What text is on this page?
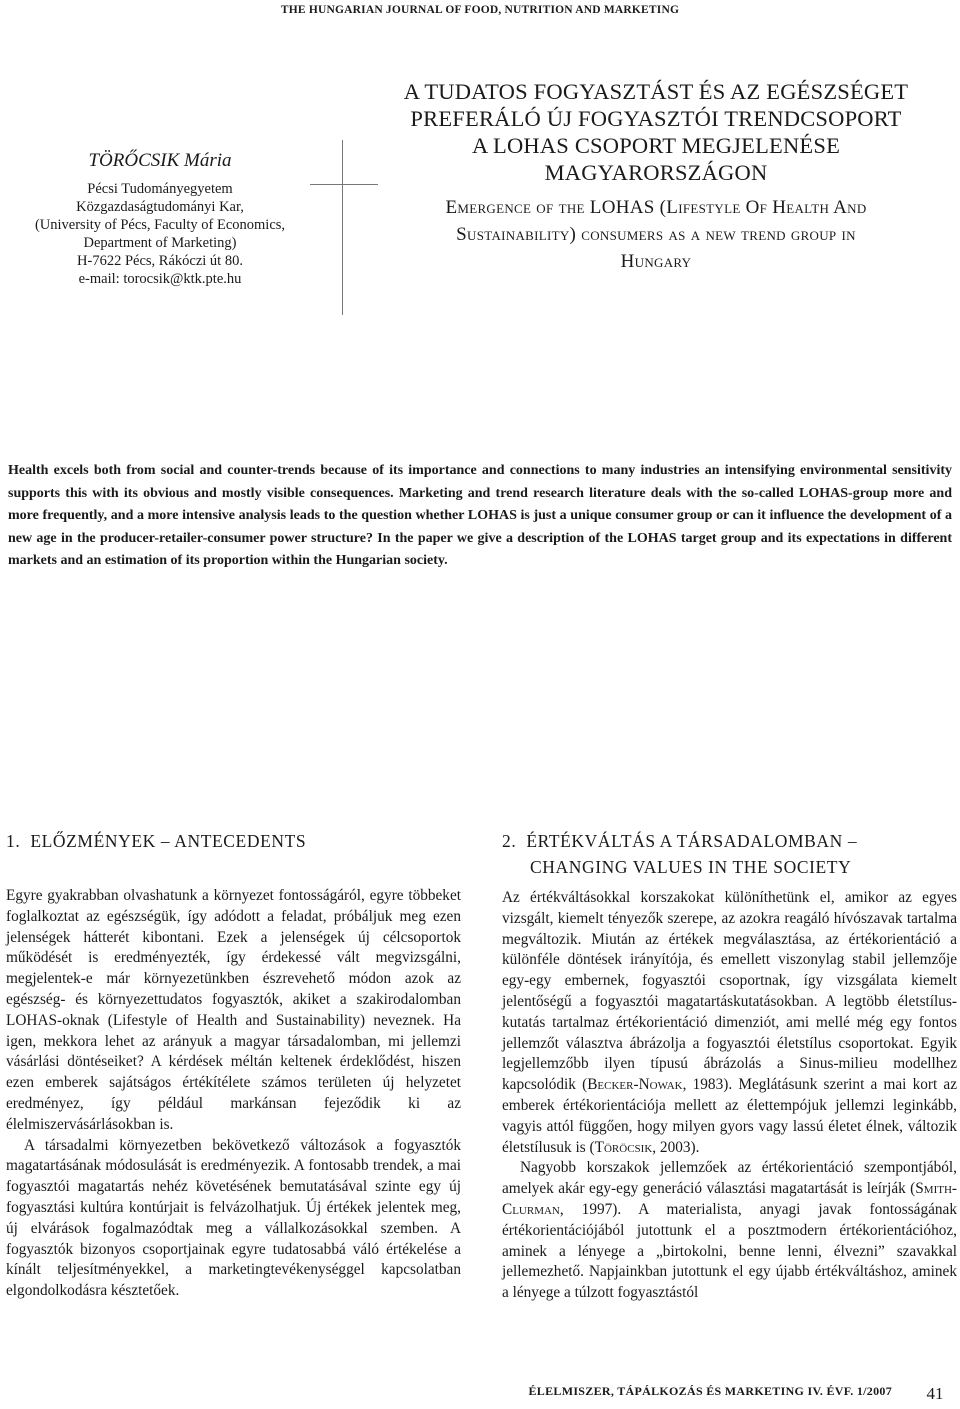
THE HUNGARIAN JOURNAL OF FOOD, NUTRITION AND MARKETING
TÖRŐCSIK Mária
Pécsi Tudományegyetem
Közgazdaságtudományi Kar,
(University of Pécs, Faculty of Economics,
Department of Marketing)
H-7622 Pécs, Rákóczi út 80.
e-mail: torocsik@ktk.pte.hu
A TUDATOS FOGYASZTÁST ÉS AZ EGÉSZSÉGET
PREFERÁLÓ ÚJ FOGYASZTÓI TRENDCSOPORT
A LOHAS CSOPORT MEGJELENÉSE
MAGYARORSZÁGON
Emergence of the LOHAS (Lifestyle Of Health And
Sustainability) consumers as a new trend group in
Hungary
Health excels both from social and counter-trends because of its importance and connections to many industries an intensifying environmental sensitivity supports this with its obvious and mostly visible consequences. Marketing and trend research literature deals with the so-called LOHAS-group more and more frequently, and a more intensive analysis leads to the question whether LOHAS is just a unique consumer group or can it influence the development of a new age in the producer-retailer-consumer power structure? In the paper we give a description of the LOHAS target group and its expectations in different markets and an estimation of its proportion within the Hungarian society.
1. ELŐZMÉNYEK – ANTECEDENTS

Egyre gyakrabban olvashatunk a környezet fontosságáról, egyre többeket foglalkoztat az egészségük, így adódott a feladat, próbáljuk meg ezen jelenségek hátterét kibontani. Ezek a jelenségek új célcsoportok működését is eredményezték, így érdekessé vált megvizsgálni, megjelentek-e már környezetünkben észrevehető módon azok az egészség- és környezettudatos fogyasztók, akiket a szakirodalomban LOHAS-oknak (Lifestyle of Health and Sustainability) neveznek. Ha igen, mekkora lehet az arányuk a magyar társadalomban, mi jellemzi vásárlási döntéseiket? A kérdések méltán keltenek érdeklődést, hiszen ezen emberek sajátságos értékítélete számos területen új helyzetet eredményez, így például markánsan fejeződik ki az élelmiszervásárlásokban is.

A társadalmi környezetben bekövetkező változások a fogyasztók magatartásának módosulását is eredményezik. A fontosabb trendek, a mai fogyasztói magatartás nehéz követésének bemutatásával szinte egy új fogyasztási kultúra kontúrjait is felvázolhatjuk. Új értékek jelentek meg, új elvárások fogalmazódtak meg a vállalkozásokkal szemben. A fogyasztók bizonyos csoportjainak egyre tudatosabbá váló értékelése a kínált teljesítményekkel, a marketingtevékenységgel kapcsolatban elgondolkodásra késztetőek.

2. ÉRTÉKVÁLTÁS A TÁRSADALOMBAN – CHANGING VALUES IN THE SOCIETY

Az értékváltásokkal korszakokat különíthetünk el, amikor az egyes vizsgált, kiemelt tényezők szerepe, az azokra reagáló hívószavak tartalma megváltozik. Miután az értékek megválasztása, az értékorientáció a különféle döntések irányítója, és emellett viszonylag stabil jellemzője egy-egy embernek, fogyasztói csoportnak, így vizsgálata kiemelt jelentőségű a fogyasztói magatartáskutatásokban. A legtöbb életstílus-kutatás tartalmaz értékorientáció dimenziót, ami mellé még egy fontos jellemzőt választva ábrázolja a fogyasztói életstílus csoportokat. Egyik legjellemzőbb ilyen típusú ábrázolás a Sinus-milieu modellhez kapcsolódik (Becker-Nowak, 1983). Meglátásunk szerint a mai kort az emberek értékorientációja mellett az élettempójuk jellemzi leginkább, vagyis attól függően, hogy milyen gyors vagy lassú életet élnek, változik életstílusuk is (Töröcsik, 2003).

Nagyobb korszakok jellemzőek az értékorientáció szempontjából, amelyek akár egy-egy generáció választási magatartását is leírják (Smith-Clurman, 1997). A materialista, anyagi javak fontosságának értékorientációjából jutottunk el a posztmodern értékorientációhoz, aminek a lényege a „birtokolni, benne lenni, élvezni” szavakkal jellemezhető. Napjainkban jutottunk el egy újabb értékváltáshoz, aminek a lényege a túlzott fogyasztástól

ÉLELMISZER, TÁPÁLKOZÁS ÉS MARKETING IV. ÉVF. 1/2007	41
